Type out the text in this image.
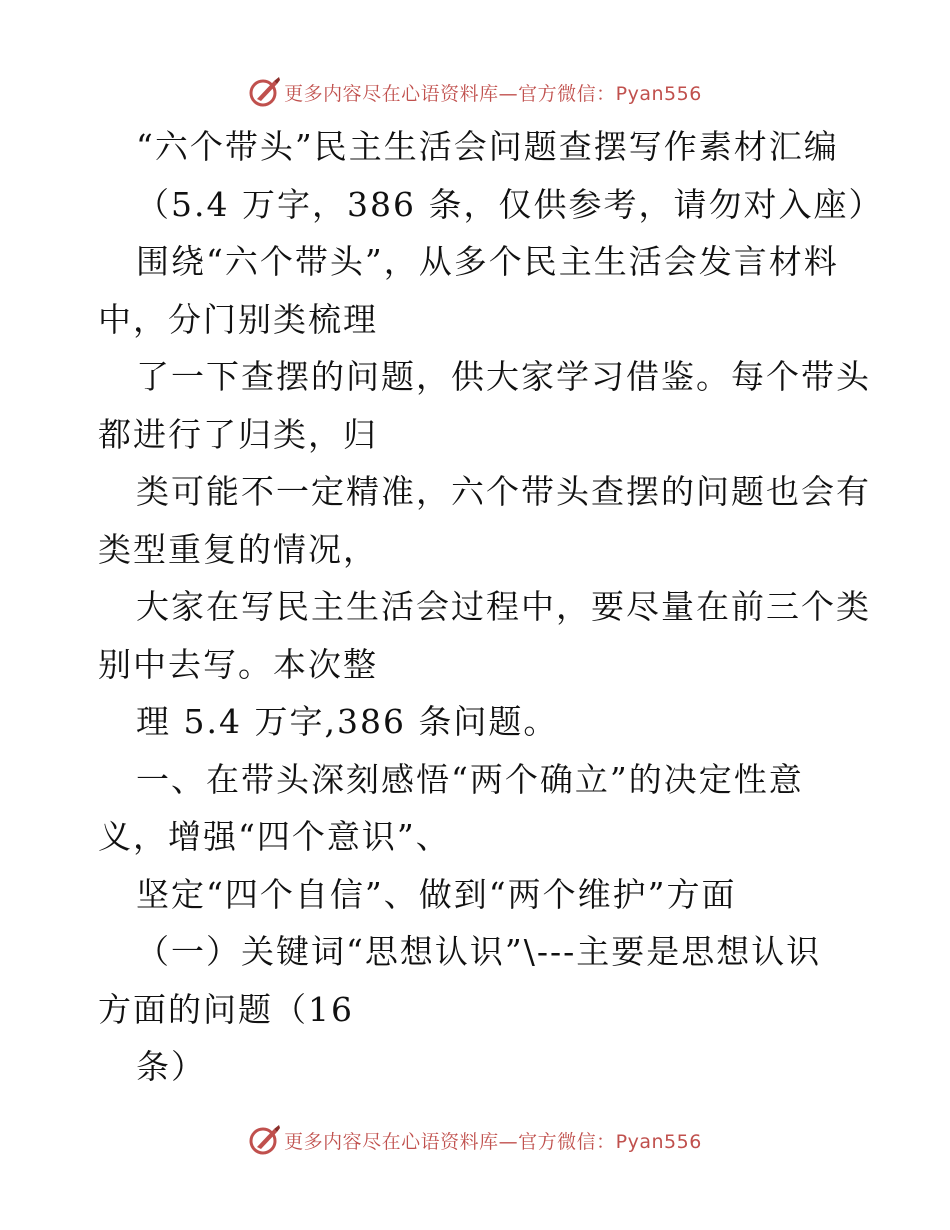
更多内容尽在心语资料库—官方微信：Pyan556
“六个带头”民主生活会问题查摆写作素材汇编
（5.4 万字，386 条，仅供参考，请勿对入座）
围绕“六个带头”，从多个民主生活会发言材料
中，分门别类梳理
了一下查摆的问题，供大家学习借鉴。每个带头
都进行了归类，归
类可能不一定精准，六个带头查摆的问题也会有
类型重复的情况，
大家在写民主生活会过程中，要尽量在前三个类
别中去写。本次整
理 5.4 万字,386 条问题。
一、在带头深刻感悟“两个确立”的决定性意
义，增强“四个意识”、
坚定“四个自信”、做到“两个维护”方面
（一）关键词“思想认识”\---主要是思想认识
方面的问题（16
条）
更多内容尽在心语资料库—官方微信：Pyan556
